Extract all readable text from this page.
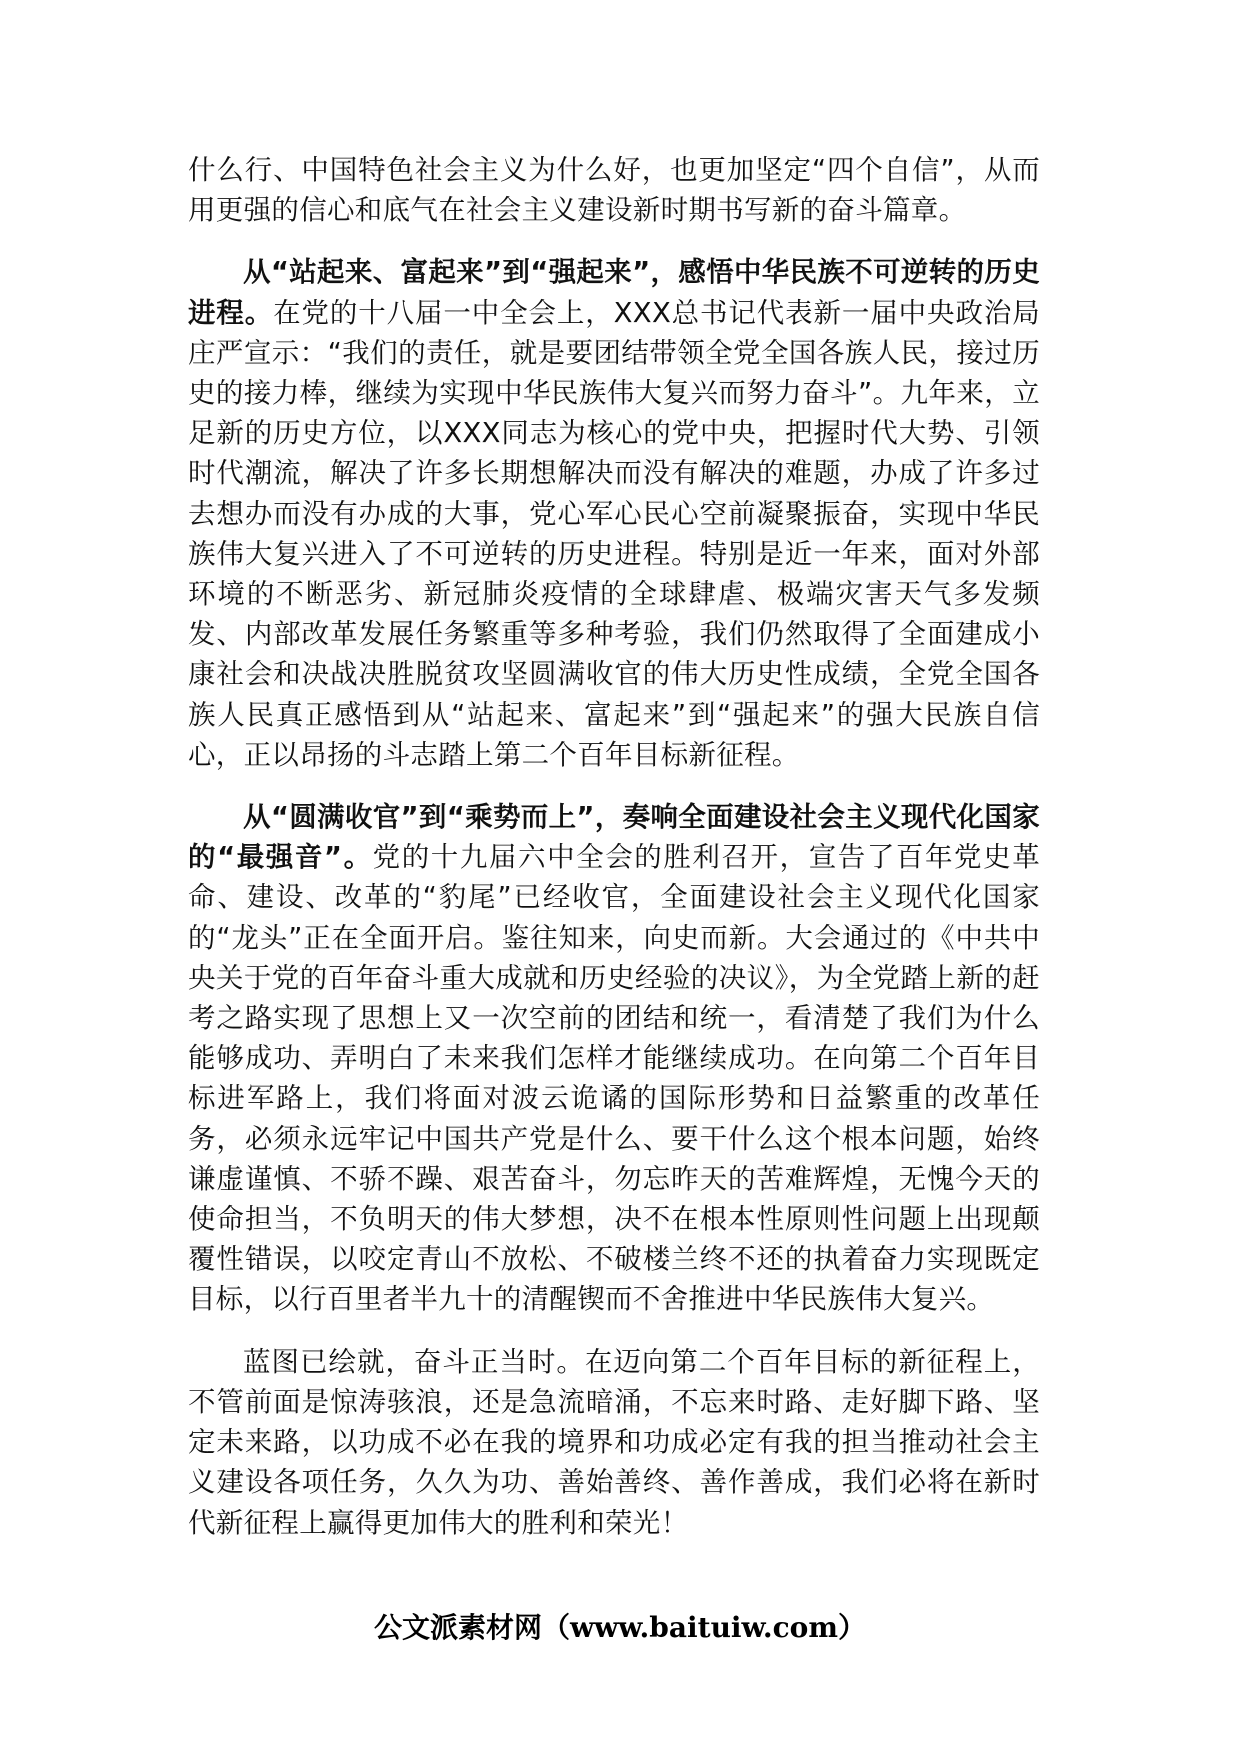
什么行、中国特色社会主义为什么好，也更加坚定“四个自信”，从而用更强的信心和底气在社会主义建设新时期书写新的奋斗篇章。

从“站起来、富起来”到“强起来”，感悟中华民族不可逆转的历史进程。在党的十八届一中全会上，XXX总书记代表新一届中央政治局庄严宣示：“我们的责任，就是要团结带领全党全国各族人民，接过历史的接力棒，继续为实现中华民族伟大复兴而努力奋斗”。九年来，立足新的历史方位，以XXX同志为核心的党中央，把握时代大势、引领时代潮流，解决了许多长期想解决而没有解决的难题，办成了许多过去想办而没有办成的大事，党心军心民心空前凝聚振奋，实现中华民族伟大复兴进入了不可逆转的历史进程。特别是近一年来，面对外部环境的不断恶劣、新冠肺炎疫情的全球肆虐、极端灾害天气多发频发、内部改革发展任务繁重等多种考验，我们仍然取得了全面建成小康社会和决战决胜脱贫攻坚圆满收官的伟大历史性成绩，全党全国各族人民真正感悟到从“站起来、富起来”到“强起来”的强大民族自信心，正以昂扬的斗志踏上第二个百年目标新征程。

从“圆满收官”到“乘势而上”，奏响全面建设社会主义现代化国家的“最强音”。党的十九届六中全会的胜利召开，宣告了百年党史革命、建设、改革的“豹尾”已经收官，全面建设社会主义现代化国家的“龙头”正在全面开启。鉴往知来，向史而新。大会通过的《中共中央关于党的百年奋斗重大成就和历史经验的决议》，为全党踏上新的赶考之路实现了思想上又一次空前的团结和统一，看清楚了我们为什么能够成功、弄明白了未来我们怎样才能继续成功。在向第二个百年目标进军路上，我们将面对波云诡谲的国际形势和日益繁重的改革任务，必须永远牢记中国共产党是什么、要干什么这个根本问题，始终谦虚谨慎、不骄不躁、艰苦奋斗，勿忘昨天的苦难辉煌，无愧今天的使命担当，不负明天的伟大梦想，决不在根本性原则性问题上出现颠覆性错误，以咬定青山不放松、不破楼兰终不还的执着奋力实现既定目标，以行百里者半九十的清醒锲而不舍推进中华民族伟大复兴。

蓝图已绘就，奋斗正当时。在迈向第二个百年目标的新征程上，不管前面是惊涛骇浪，还是急流暗涌，不忘来时路、走好脚下路、坚定未来路，以功成不必在我的境界和功成必定有我的担当推动社会主义建设各项任务，久久为功、善始善终、善作善成，我们必将在新时代新征程上赢得更加伟大的胜利和荣光！

公文派素材网（www.baituiw.com）
